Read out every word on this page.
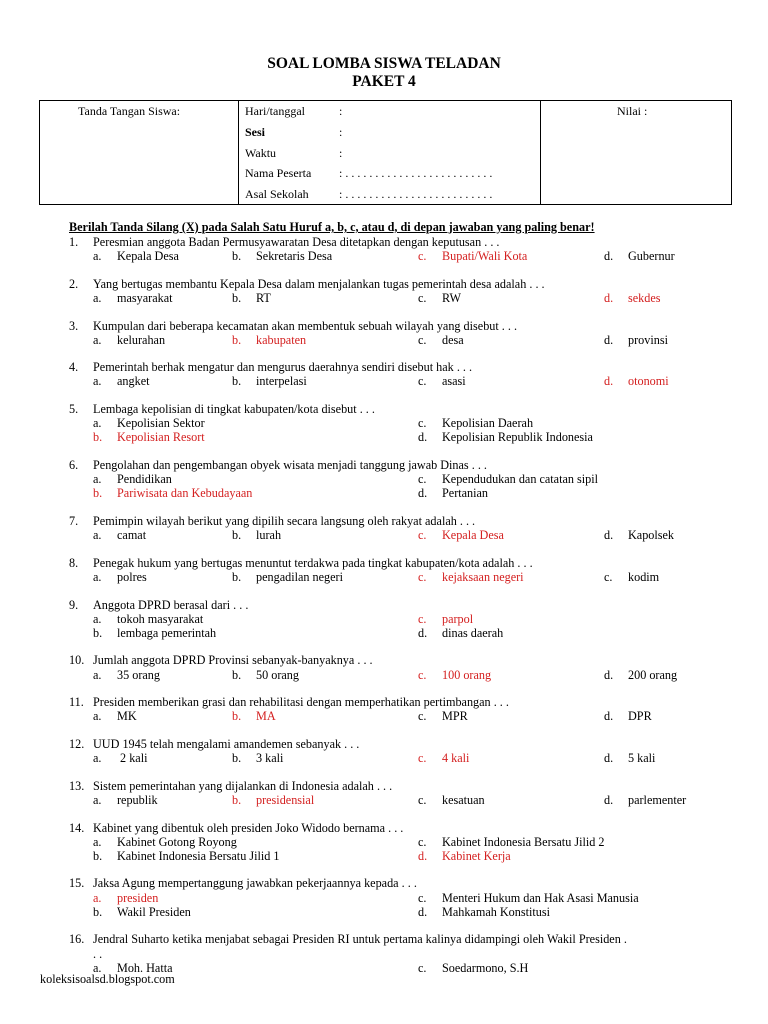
SOAL LOMBA SISWA TELADAN
PAKET 4
Tanda Tangan Siswa:	Nilai :
Hari/tanggal	:
Sesi	:
Waktu	:
Nama Peserta : . . . . . . . . . . . . . . . . . . . . . . . . .
Asal Sekolah	: . . . . . . . . . . . . . . . . . . . . . . . . .
Berilah Tanda Silang (X) pada Salah Satu Huruf a, b, c, atau d, di depan jawaban yang paling benar!
1. Peresmian anggota Badan Permusyawaratan Desa ditetapkan dengan keputusan . . .
a. Kepala Desa	b. Sekretaris Desa	c. Bupati/Wali Kota	d. Gubernur
2. Yang bertugas membantu Kepala Desa dalam menjalankan tugas pemerintah desa adalah . . .
a. masyarakat	b. RT	c. RW	d. sekdes
3. Kumpulan dari beberapa kecamatan akan membentuk sebuah wilayah yang disebut . . .
a. kelurahan	b. kabupaten	c. desa	d. provinsi
4. Pemerintah berhak mengatur dan mengurus daerahnya sendiri disebut hak . . .
a. angket	b. interpelasi	c. asasi	d. otonomi
5. Lembaga kepolisian di tingkat kabupaten/kota disebut . . .
a. Kepolisian Sektor	c. Kepolisian Daerah
b. Kepolisian Resort	d. Kepolisian Republik Indonesia
6. Pengolahan dan pengembangan obyek wisata menjadi tanggung jawab Dinas . . .
a. Pendidikan	c. Kependudukan dan catatan sipil
b. Pariwisata dan Kebudayaan	d. Pertanian
7. Pemimpin wilayah berikut yang dipilih secara langsung oleh rakyat adalah . . .
a. camat	b. lurah	c. Kepala Desa	d. Kapolsek
8. Penegak hukum yang bertugas menuntut terdakwa pada tingkat kabupaten/kota adalah . . .
a. polres	b. pengadilan negeri	c. kejaksaan negeri	c. kodim
9. Anggota DPRD berasal dari . . .
a. tokoh masyarakat	c. parpol
b. lembaga pemerintah	d. dinas daerah
10. Jumlah anggota DPRD Provinsi sebanyak-banyaknya . . .
a. 35 orang	b. 50 orang	c. 100 orang	d. 200 orang
11. Presiden memberikan grasi dan rehabilitasi dengan memperhatikan pertimbangan . . .
a. MK	b. MA	c. MPR	d. DPR
12. UUD 1945 telah mengalami amandemen sebanyak . . .
a. 2 kali	b. 3 kali	c. 4 kali	d. 5 kali
13. Sistem pemerintahan yang dijalankan di Indonesia adalah . . .
a. republik	b. presidensial	c. kesatuan	d. parlementer
14. Kabinet yang dibentuk oleh presiden Joko Widodo bernama . . .
a. Kabinet Gotong Royong	c. Kabinet Indonesia Bersatu Jilid 2
b. Kabinet Indonesia Bersatu Jilid 1	d. Kabinet Kerja
15. Jaksa Agung mempertanggung jawabkan pekerjaannya kepada . . .
a. presiden	c. Menteri Hukum dan Hak Asasi Manusia
b. Wakil Presiden	d. Mahkamah Konstitusi
16. Jendral Suharto ketika menjabat sebagai Presiden RI untuk pertama kalinya didampingi oleh Wakil Presiden .
. .
a. Moh. Hatta	c. Soedarmono, S.H
koleksisoalsd.blogspot.com
